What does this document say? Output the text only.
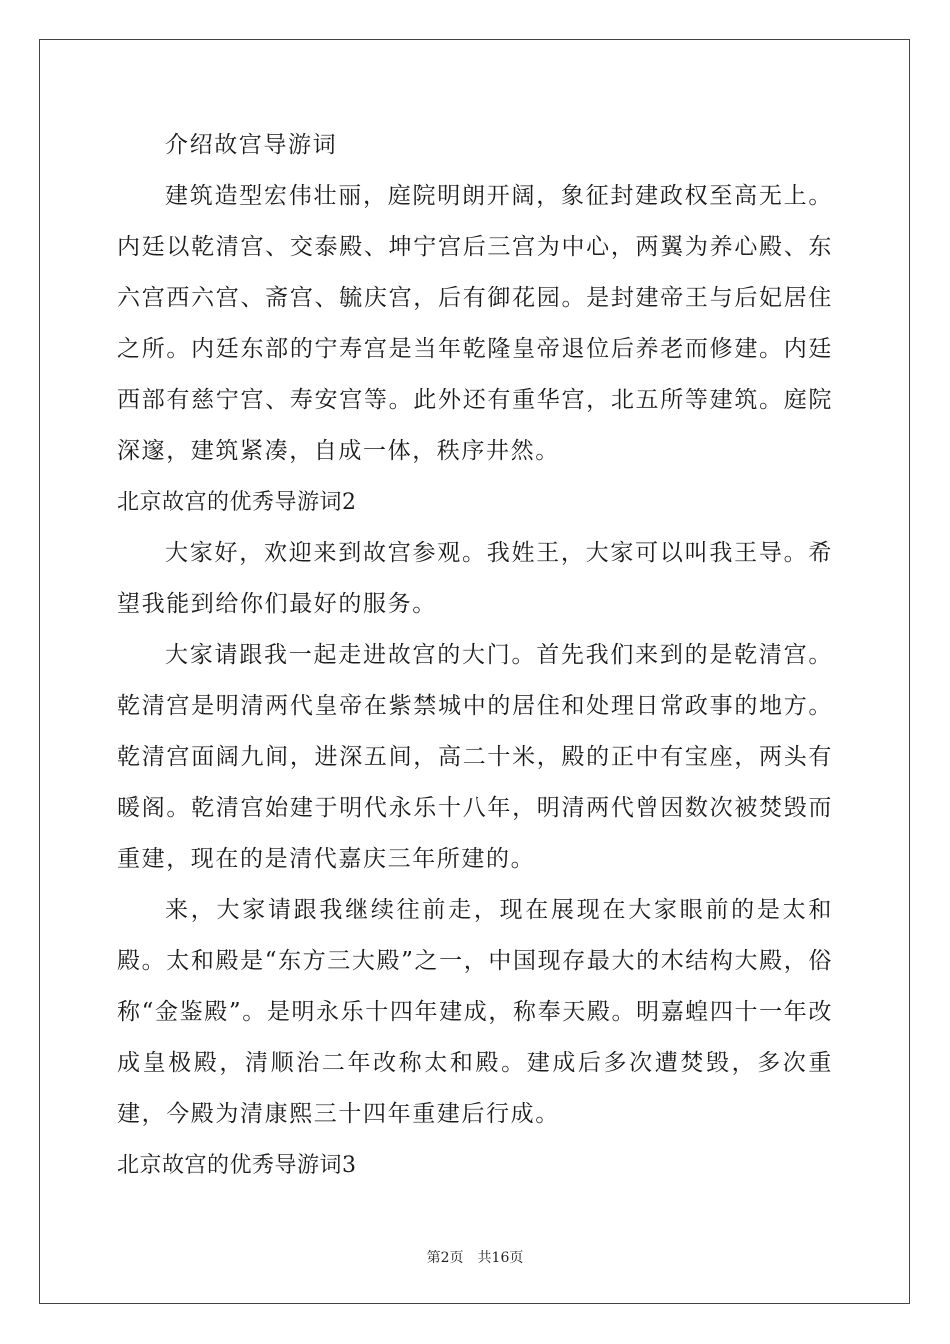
介绍故宫导游词

建筑造型宏伟壮丽，庭院明朗开阔，象征封建政权至高无上。内廷以乾清宫、交泰殿、坤宁宫后三宫为中心，两翼为养心殿、东六宫西六宫、斋宫、毓庆宫，后有御花园。是封建帝王与后妃居住之所。内廷东部的宁寿宫是当年乾隆皇帝退位后养老而修建。内廷西部有慈宁宫、寿安宫等。此外还有重华宫，北五所等建筑。庭院深邃，建筑紧凑，自成一体，秩序井然。

北京故宫的优秀导游词2

大家好，欢迎来到故宫参观。我姓王，大家可以叫我王导。希望我能到给你们最好的服务。

大家请跟我一起走进故宫的大门。首先我们来到的是乾清宫。乾清宫是明清两代皇帝在紫禁城中的居住和处理日常政事的地方。乾清宫面阔九间，进深五间，高二十米，殿的正中有宝座，两头有暖阁。乾清宫始建于明代永乐十八年，明清两代曾因数次被焚毁而重建，现在的是清代嘉庆三年所建的。

来，大家请跟我继续往前走，现在展现在大家眼前的是太和殿。太和殿是“东方三大殿”之一，中国现存最大的木结构大殿，俗称“金鉴殿”。是明永乐十四年建成，称奉天殿。明嘉蝗四十一年改成皇极殿，清顺治二年改称太和殿。建成后多次遭焚毁，多次重建，今殿为清康熙三十四年重建后行成。

北京故宫的优秀导游词3

第2页 共16页
